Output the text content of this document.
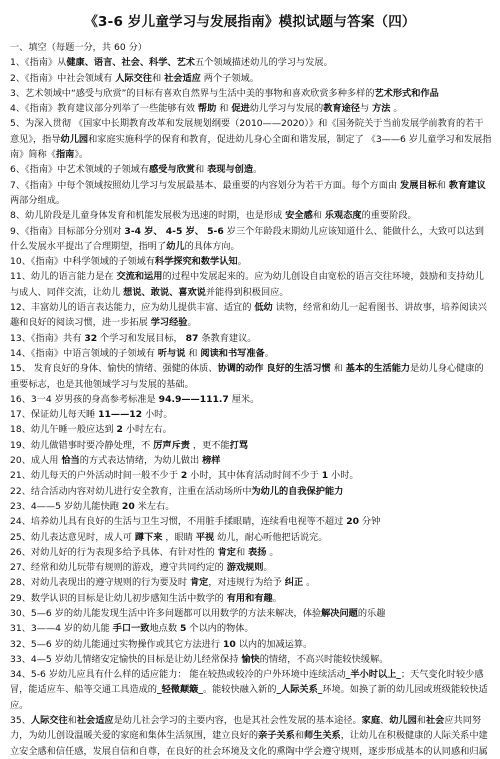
《3-6 岁儿童学习与发展指南》模拟试题与答案（四）

一、填空（每题一分，共 60 分）

1、《指南》从健康、语言、社会、科学、艺术五个领域描述幼儿的学习与发展。

2、《指南》中社会领域有 人际交往和 社会适应 两个子领域。

3、艺术领域中“感受与欣赏”的目标有喜欢自然界与生活中美的事物和喜欢欣赏多种多样的艺术形式和作品

4、《指南》教育建议部分列举了一些能够有效 帮助 和 促进幼儿学习与发展的教育途径与 方法 。

5、为深入贯彻 《国家中长期教育改革和发展规划纲要（2010——2020）》和《国务院关于当前发展学前教育的若干意见》，指导幼儿园和家庭实施科学的保育和教育，促进幼儿身心全面和谐发展，制定了 《3——6 岁儿童学习和发展指南》简称《指南》。

6、《指南》中艺术领域的子领域有感受与欣赏和 表现与创造。

7、《指南》中每个领域按照幼儿学习与发展最基本、最重要的内容划分为若干方面。每个方面由 发展目标和 教育建议两部分组成。

8、幼儿阶段是儿童身体发育和机能发展极为迅速的时期，也是形成 安全感和 乐观态度的重要阶段。

9、《指南》目标部分分别对 3-4 岁、 4-5 岁、 5-6 岁三个年龄段末期幼儿应该知道什么、能做什么，大致可以达到什么发展水平提出了合理期望，指明了幼儿的具体方向。

10、《指南》中科学领域的子领域有科学探究和数学认知。

11、幼儿的语言能力是在 交流和运用的过程中发展起来的。应为幼儿创设自由宽松的语言交往环境，鼓励和支持幼儿与成人、同伴交流，让幼儿 想说、敢说、喜欢说并能得到积极回应。

12、丰富幼儿的语言表达能力，应为幼儿提供丰富、适宜的 低幼 读物，经常和幼儿一起看图书、讲故事，培养阅读兴趣和良好的阅读习惯，进一步拓展 学习经验。

13、《指南》共有 32 个学习和发展目标， 87 条教育建议。

14、《指南》中语言领域的子领域有 听与说 和 阅读和书写准备。

15、 发育良好的身体、愉快的情绪、强健的体质、协调的动作 良好的生活习惯 和 基本的生活能力是幼儿身心健康的重要标志，也是其他领域学习与发展的基础。

16、3一4 岁男孩的身高参考标准是 94.9——111.7 厘米。

17、保证幼儿每天睡 11——12 小时。

18、幼儿午睡一般应达到 2 小时左右。

19、幼儿做错事时要冷静处理，不 厉声斥责 ，更不能打骂

20、成人用 恰当的方式表达情绪，为幼儿做出 榜样

21、幼儿每天的户外活动时间一般不少于 2 小时，其中体育活动时间不少于 1 小时。

22、结合活动内容对幼儿进行安全教育，注重在活动场所中为幼儿的自我保护能力

23、4——5 岁幼儿能快跑 20 米左右。

24、培养幼儿具有良好的生活与卫生习惯，不用脏手揉眼睛，连续看电视等不超过 20 分钟

25、幼儿表达意见时，成人可 蹲下来 ，眼睛 平视 幼儿，耐心听他把话说完。

26、对幼儿好的行为表现多给予具体、有针对性的 肯定和 表扬 。

27、经常和幼儿玩带有规则的游戏，遵守共同约定的 游戏规则。

28、对幼儿表现出的遵守规则的行为要及时 肯定，对违规行为给予 纠正 。

29、数学认识的目标是让幼儿初步感知生活中数学的 有用和有趣。

30、5—6 岁的幼儿能发现生活中许多问题都可以用数学的方法来解决，体验解决问题的乐趣

31、3——4 岁的幼儿能 手口一致地点数 5 个以内的物体。

32、5—6 岁的幼儿能通过实物操作或其它方法进行 10 以内的加减运算。

33、4—5 岁幼儿情绪安定愉快的目标是让幼儿经常保持 愉快的情绪，不高兴时能较快缓解。

34、5-6 岁幼儿应具有什么样的适应能力： 能在较热或较冷的户外环境中连续活动_半小时以上_；天气变化时较少感冒，能适应车、船等交通工具造成的_轻微颠簸_。能较快融入新的_人际关系_环境。如换了新的幼儿园或班级能较快适应。

35、人际交往和社会适应是幼儿社会学习的主要内容，也是其社会性发展的基本途径。家庭、幼儿园和社会应共同努力，为幼儿创设温暖关爱的家庭和集体生活氛围，建立良好的亲子关系和师生关系，让幼儿在积极健康的人际关系中建立安全感和信任感，发展自信和自尊，在良好的社会环境及文化的熏陶中学会遵守规则，逐步形成基本的认同感和归属
